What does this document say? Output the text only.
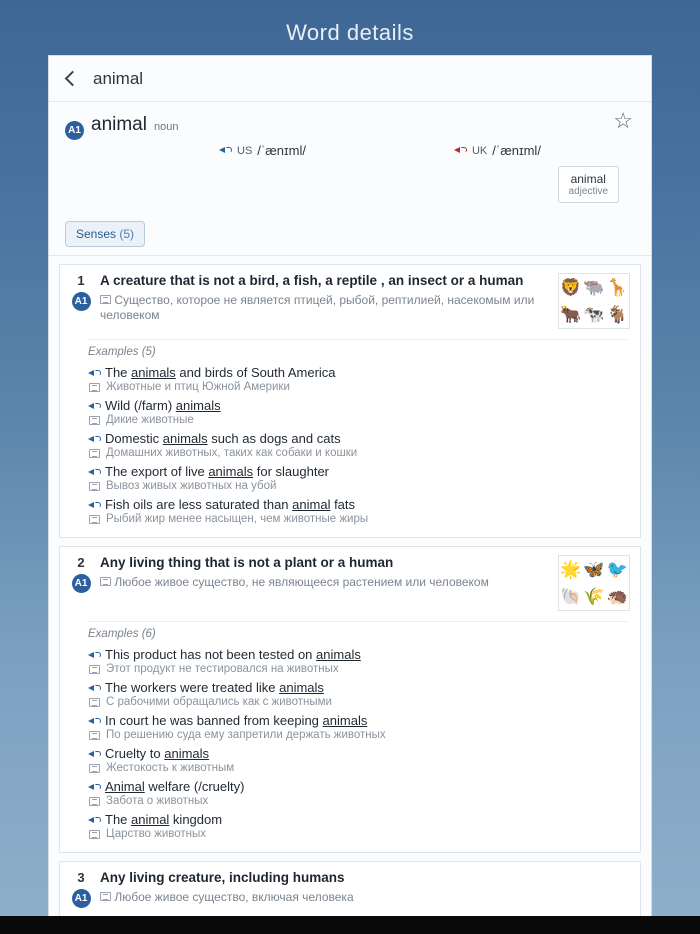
Word details
animal
A1 animal noun	☆
US /ˈænɪml/	UK /ˈænɪml/
animal
adjective
Senses (5)
1
A1
A creature that is not a bird, a fish, a reptile , an insect or a human
Существо, которое не является птицей, рыбой, рептилией, насекомым или человеком
🦁 🐃 🦒
🐂 🐄 🐐
Examples (5)
The animals and birds of South America
Животные и птиц Южной Америки
Wild (/farm) animals
Дикие животные
Domestic animals such as dogs and cats
Домашних животных, таких как собаки и кошки
The export of live animals for slaughter
Вывоз живых животных на убой
Fish oils are less saturated than animal fats
Рыбий жир менее насыщен, чем животные жиры
2
A1
Any living thing that is not a plant or a human
Любое живое существо, не являющееся растением или человеком
🌟 🦋 🐦
🐚 🌾 🦔
Examples (6)
This product has not been tested on animals
Этот продукт не тестировался на животных
The workers were treated like animals
С рабочими обращались как с животными
In court he was banned from keeping animals
По решению суда ему запретили держать животных
Cruelty to animals
Жестокость к животным
Animal welfare (/cruelty)
Забота о животных
The animal kingdom
Царство животных
3
A1
Any living creature, including humans
Любое живое существо, включая человека
